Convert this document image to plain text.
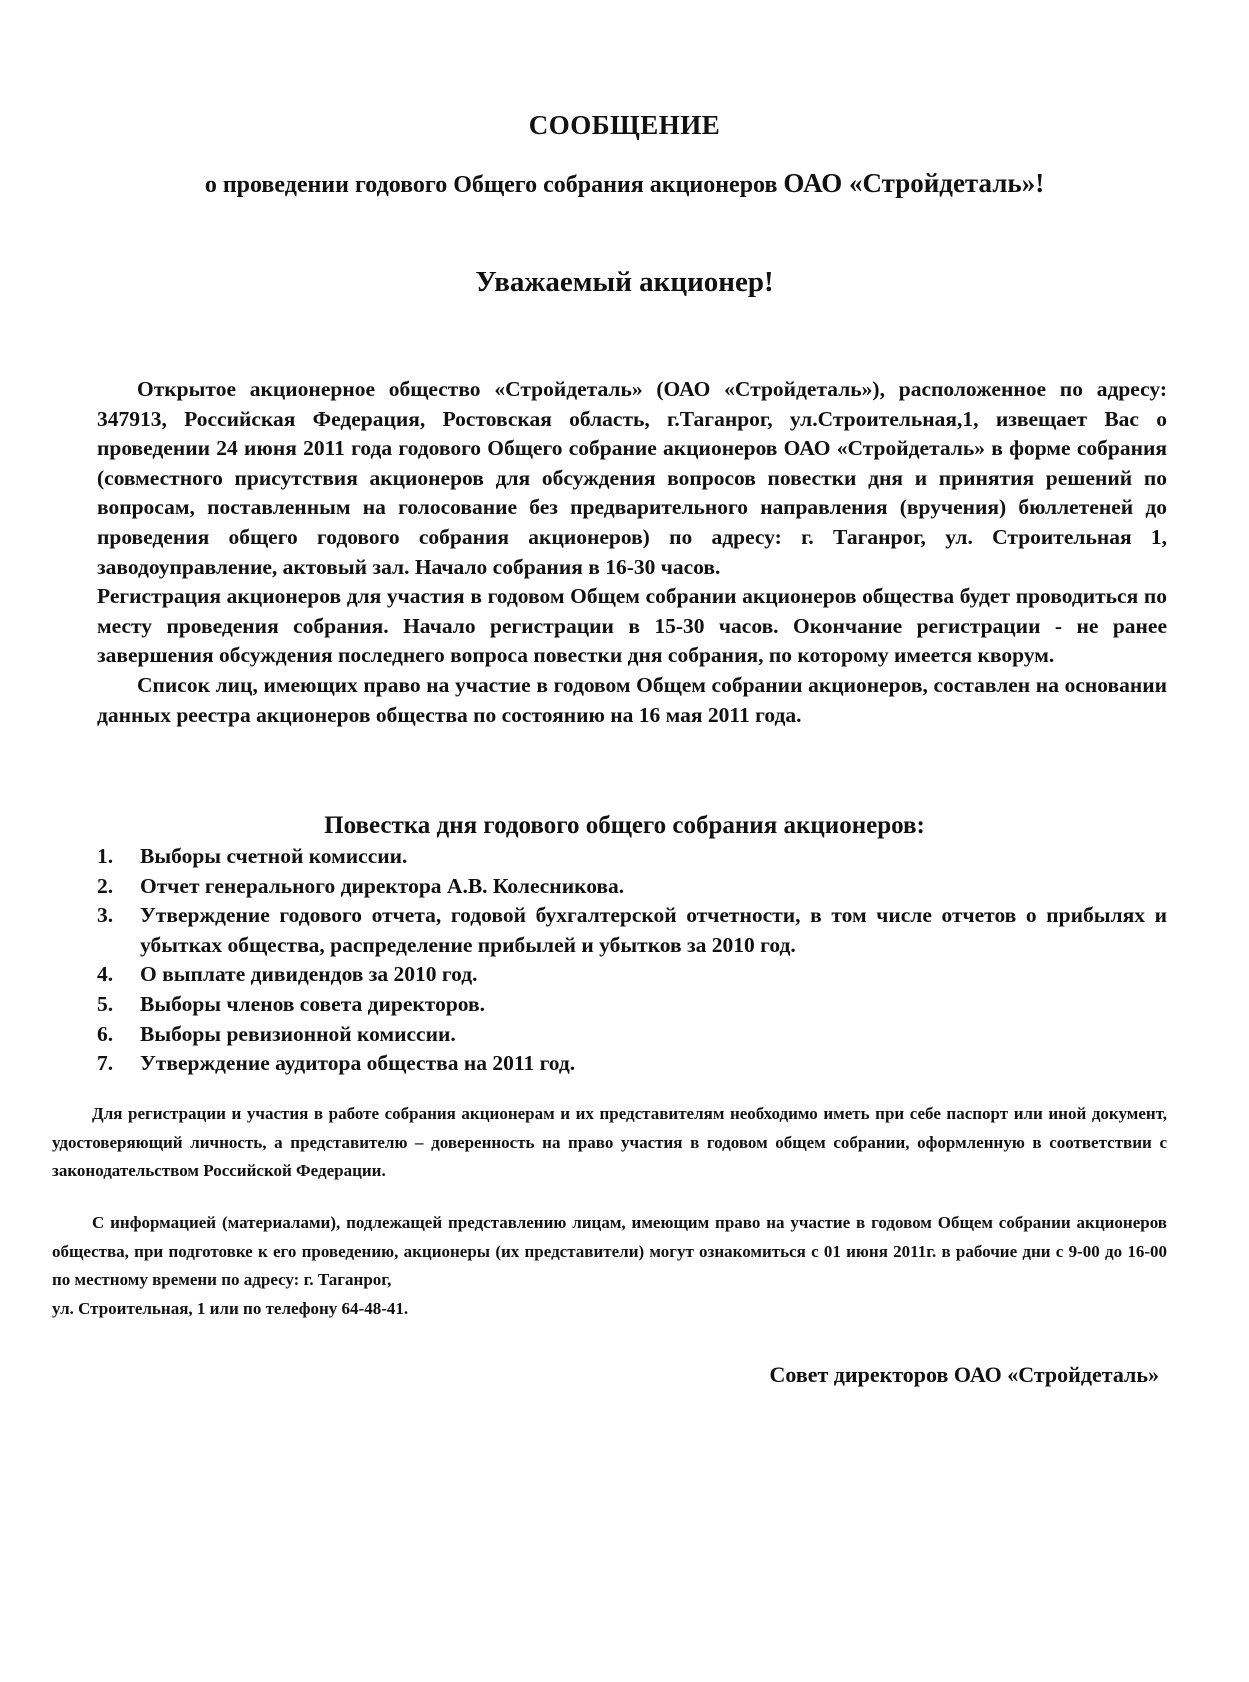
СООБЩЕНИЕ
о проведении годового Общего собрания акционеров ОАО «Стройдеталь»!
Уважаемый акционер!

Открытое акционерное общество «Стройдеталь» (ОАО «Стройдеталь»), расположенное по адресу: 347913, Российская Федерация, Ростовская область, г.Таганрог, ул.Строительная,1, извещает Вас о проведении 24 июня 2011 года годового Общего собрание акционеров ОАО «Стройдеталь» в форме собрания (совместного присутствия акционеров для обсуждения вопросов повестки дня и принятия решений по вопросам, поставленным на голосование без предварительного направления (вручения) бюллетеней до проведения общего годового собрания акционеров) по адресу: г. Таганрог, ул. Строительная 1, заводоуправление, актовый зал. Начало собрания в 16-30 часов.

Регистрация акционеров для участия в годовом Общем собрании акционеров общества будет проводиться по месту проведения собрания. Начало регистрации в 15-30 часов. Окончание регистрации - не ранее завершения обсуждения последнего вопроса повестки дня собрания, по которому имеется кворум.

Список лиц, имеющих право на участие в годовом Общем собрании акционеров, составлен на основании данных реестра акционеров общества по состоянию на 16 мая 2011 года.

Повестка дня годового общего собрания акционеров:
1.	Выборы счетной комиссии.
2.	Отчет генерального директора А.В. Колесникова.
3.	Утверждение годового отчета, годовой бухгалтерской отчетности, в том числе отчетов о прибылях и убытках общества, распределение прибылей и убытков за 2010 год.
4.	О выплате дивидендов за 2010 год.
5.	Выборы членов совета директоров.
6.	Выборы ревизионной комиссии.
7.	Утверждение аудитора общества на 2011 год.

Для регистрации и участия в работе собрания акционерам и их представителям необходимо иметь при себе паспорт или иной документ, удостоверяющий личность, а представителю – доверенность на право участия в годовом общем собрании, оформленную в соответствии с законодательством Российской Федерации.

С информацией (материалами), подлежащей представлению лицам, имеющим право на участие в годовом Общем собрании акционеров общества, при подготовке к его проведению, акционеры (их представители) могут ознакомиться с 01 июня 2011г. в рабочие дни с 9-00 до 16-00 по местному времени по адресу: г. Таганрог,

ул. Строительная, 1 или по телефону 64-48-41.

Совет директоров ОАО «Стройдеталь»
